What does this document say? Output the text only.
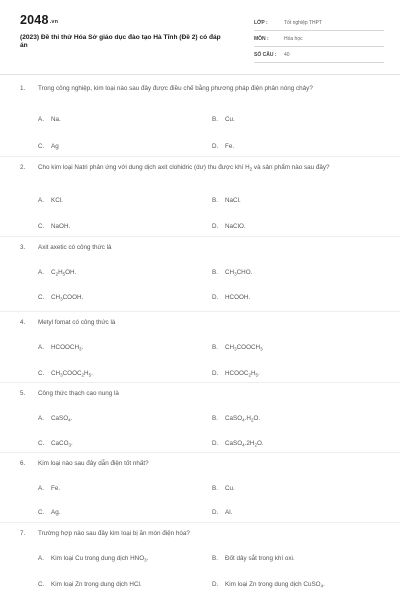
2048.vn
(2023) Đề thi thử Hóa Sở giáo dục đào tạo Hà Tĩnh (Đề 2) có đáp án
LỚP :	Tốt nghiệp THPT
MÔN :	Hóa học
SỐ CÂU :	40
1.	Trong công nghiệp, kim loại nào sau đây được điều chế bằng phương pháp điện phân nóng chảy?
A.	Na.	B.	Cu.
C.	Ag	D.	Fe.
2.	Cho kim loại Natri phản ứng với dung dịch axit clohidric (dư) thu được khí $H_2$ và sản phẩm nào sau đây?
A.	KCl.	B.	NaCl.
C.	NaOH.	D.	NaClO.
3.	Axit axetic có công thức là
A.	$C_2H_5OH$.	B.	$CH_3CHO$.
C.	$CH_3COOH$.	D.	HCOOH.
4.	Metyl fomat có công thức là
A.	$HCOOCH_3$.	B.	$CH_3COOCH_3$
C.	$CH_3COOC_2H_5$.	D.	$HCOOC_2H_5$.
5.	Công thức thạch cao nung là
A.	CaSO$_4$.	B.	$CaSO_4.H_2O$.
C.	CaCO$_3$.	D.	$CaSO_4.2H_2O$.
6.	Kim loại nào sau đây dẫn điện tốt nhất?
A.	Fe.	B.	Cu.
C.	Ag.	D.	Al.
7.	Trường hợp nào sau đây kim loại bị ăn mòn điện hóa?
A.	Kim loại Cu trong dung dịch $HNO_3$.	B.	Đốt dây sắt trong khí oxi.
C.	Kim loại Zn trong dung dịch HCl.	D.	Kim loại Zn trong dung dịch CuSO$_4$.
